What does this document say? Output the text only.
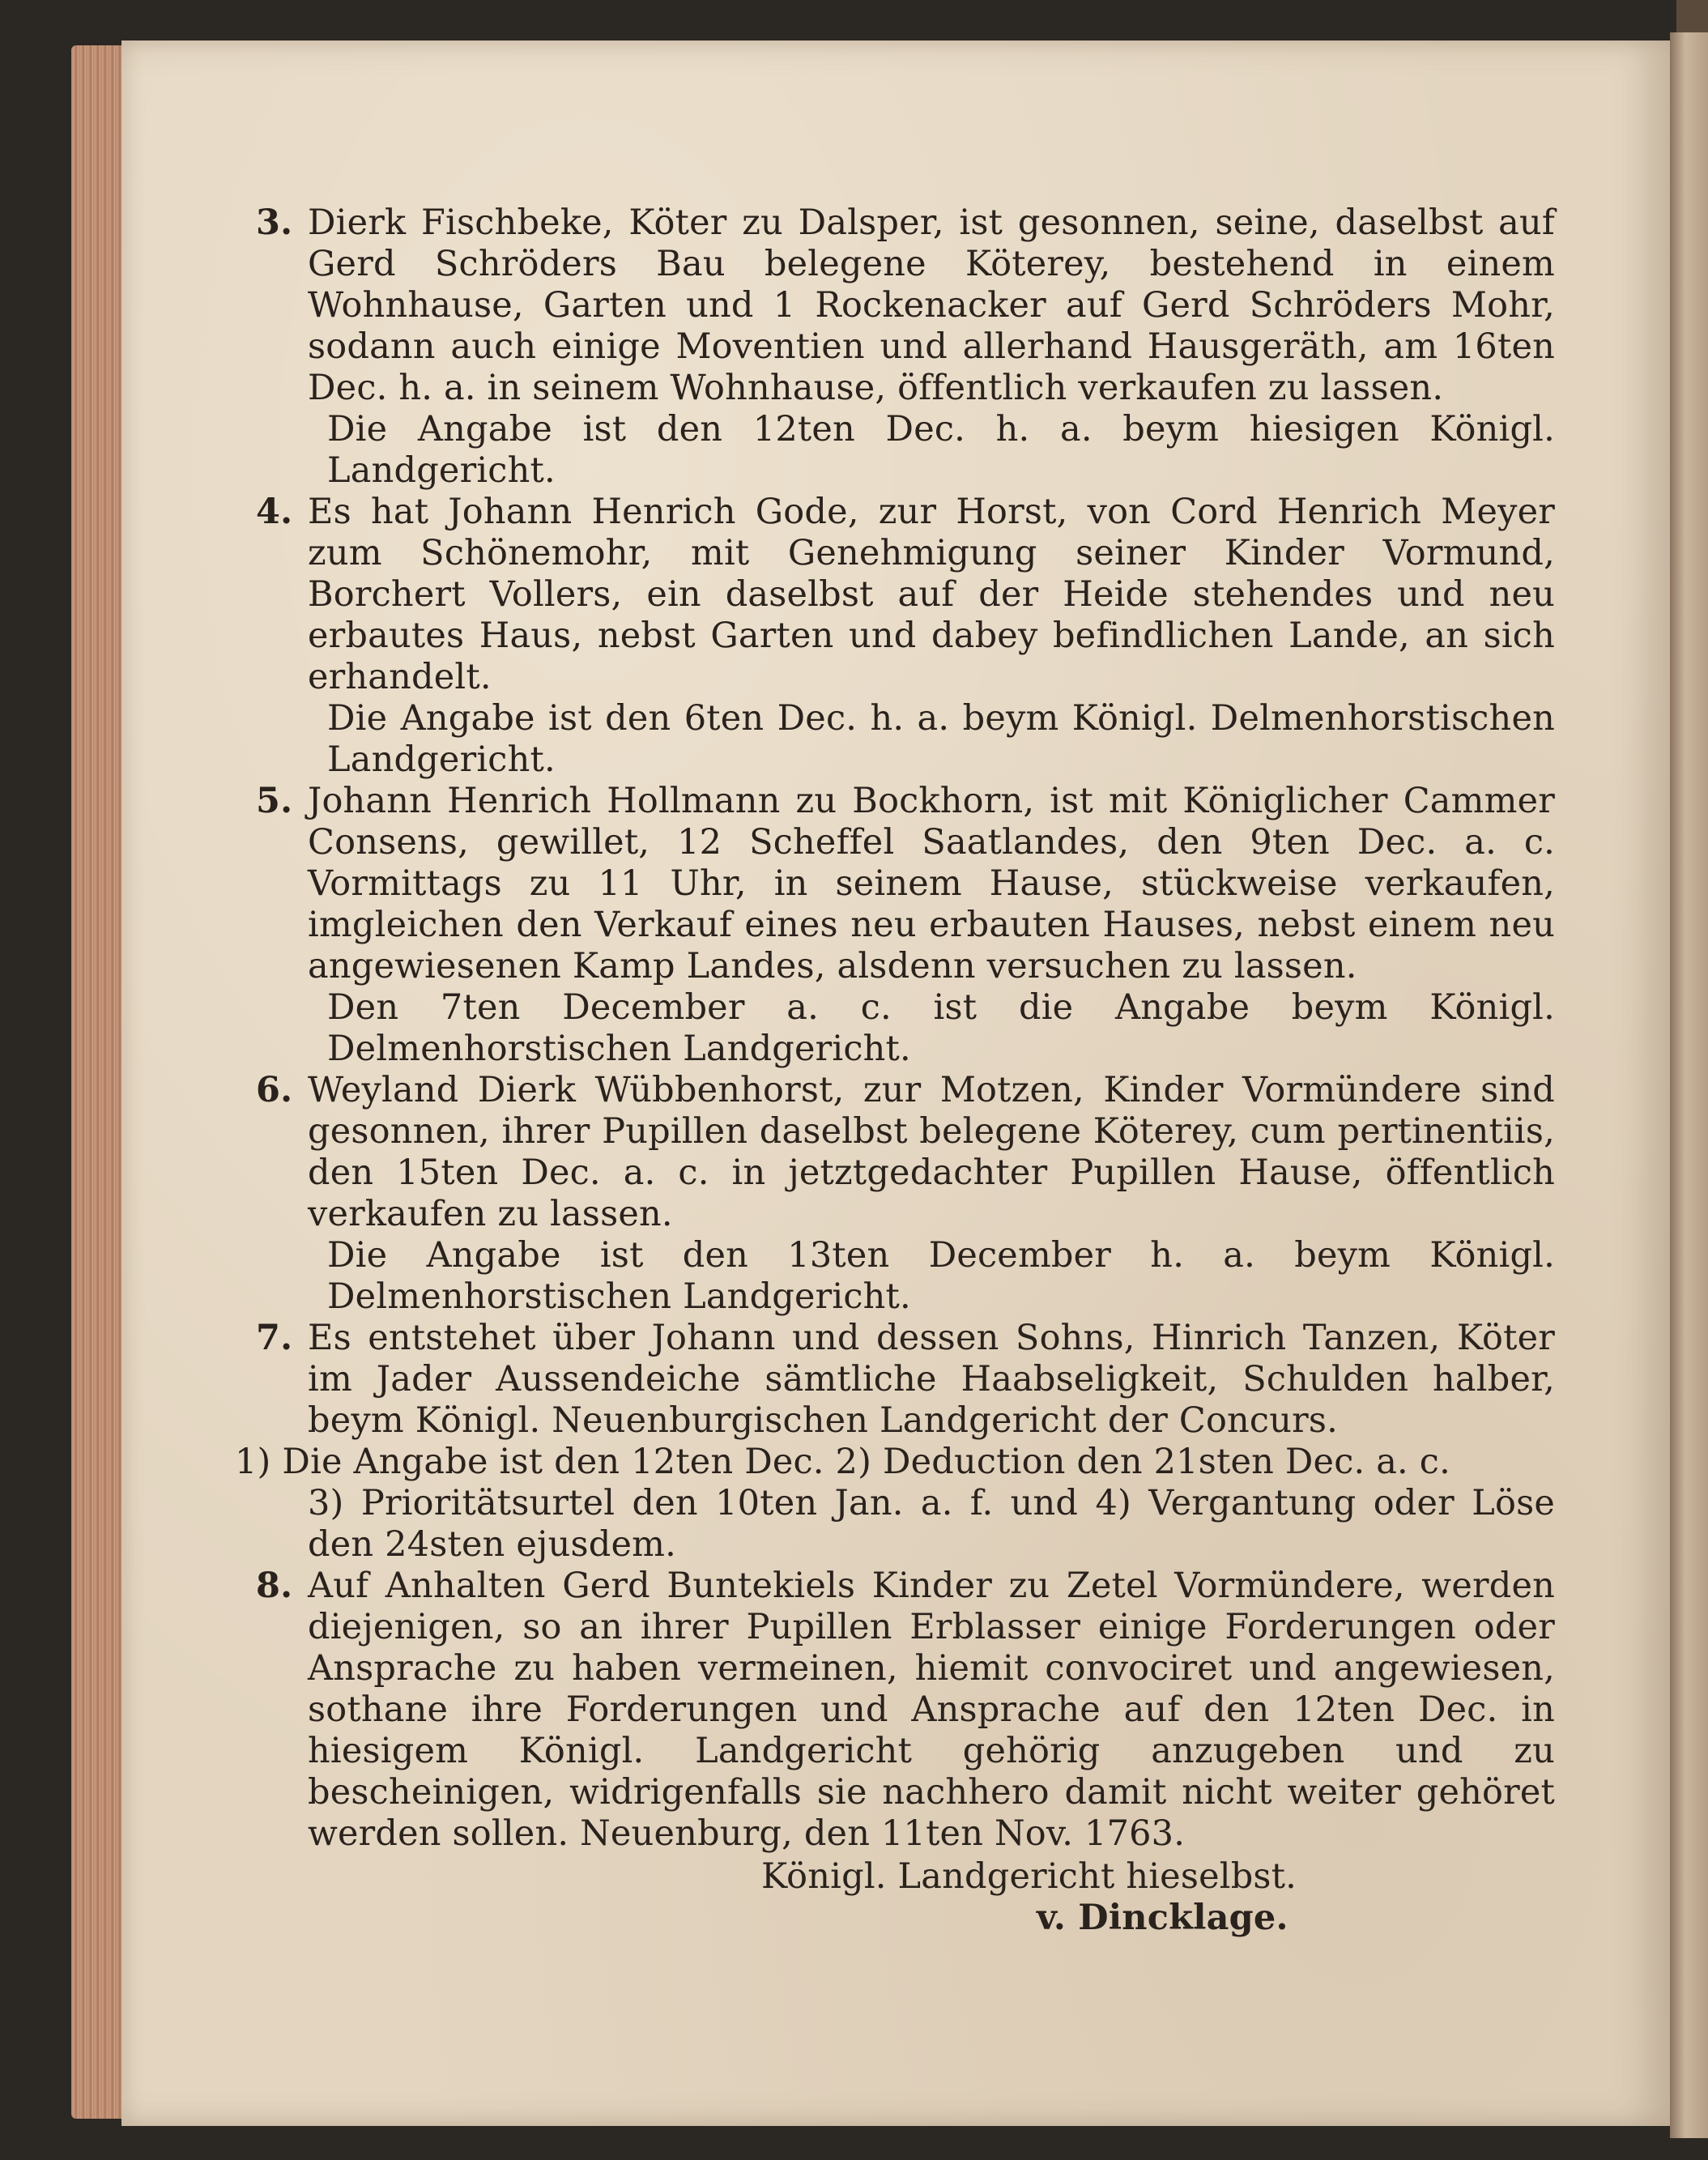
3. Dierk Fischbeke, Köter zu Dalsper, ist gesonnen, seine, daselbst auf Gerd Schröders Bau belegene Köterey, bestehend in einem Wohnhause, Garten und 1 Rockenacker auf Gerd Schröders Mohr, sodann auch einige Moventien und allerhand Hausgeräth, am 16ten Dec. h. a. in seinem Wohnhause, öffentlich verkaufen zu lassen.
Die Angabe ist den 12ten Dec. h. a. beym hiesigen Königl. Landgericht.
4. Es hat Johann Henrich Gode, zur Horst, von Cord Henrich Meyer zum Schönemohr, mit Genehmigung seiner Kinder Vormund, Borchert Vollers, ein daselbst auf der Heide stehendes und neu erbautes Haus, nebst Garten und dabey befindlichen Lande, an sich erhandelt.
Die Angabe ist den 6ten Dec. h. a. beym Königl. Delmenhorstischen Landgericht.
5. Johann Henrich Hollmann zu Bockhorn, ist mit Königlicher Cammer Consens, gewillet, 12 Scheffel Saatlandes, den 9ten Dec. a. c. Vormittags zu 11 Uhr, in seinem Hause, stückweise verkaufen, imgleichen den Verkauf eines neu erbauten Hauses, nebst einem neu angewiesenen Kamp Landes, alsdenn versuchen zu lassen.
Den 7ten December a. c. ist die Angabe beym Königl. Delmenhorstischen Landgericht.
6. Weyland Dierk Wübbenhorst, zur Motzen, Kinder Vormündere sind gesonnen, ihrer Pupillen daselbst belegene Köterey, cum pertinentiis, den 15ten Dec. a. c. in jetztgedachter Pupillen Hause, öffentlich verkaufen zu lassen.
Die Angabe ist den 13ten December h. a. beym Königl. Delmenhorstischen Landgericht.
7. Es entstehet über Johann und dessen Sohns, Hinrich Tanzen, Köter im Jader Aussendeiche sämtliche Haabseligkeit, Schulden halber, beym Königl. Neuenburgischen Landgericht der Concurs.
1) Die Angabe ist den 12ten Dec. 2) Deduction den 21sten Dec. a. c.
3) Prioritätsurtel den 10ten Jan. a. f. und 4) Vergantung oder Löse den 24sten ejusdem.
8. Auf Anhalten Gerd Buntekiels Kinder zu Zetel Vormündere, werden diejenigen, so an ihrer Pupillen Erblasser einige Forderungen oder Ansprache zu haben vermeinen, hiemit convociret und angewiesen, sothane ihre Forderungen und Ansprache auf den 12ten Dec. in hiesigem Königl. Landgericht gehörig anzugeben und zu bescheinigen, widrigenfalls sie nachhero damit nicht weiter gehöret werden sollen. Neuenburg, den 11ten Nov. 1763.
Königl. Landgericht hieselbst.
v. Dincklage.
